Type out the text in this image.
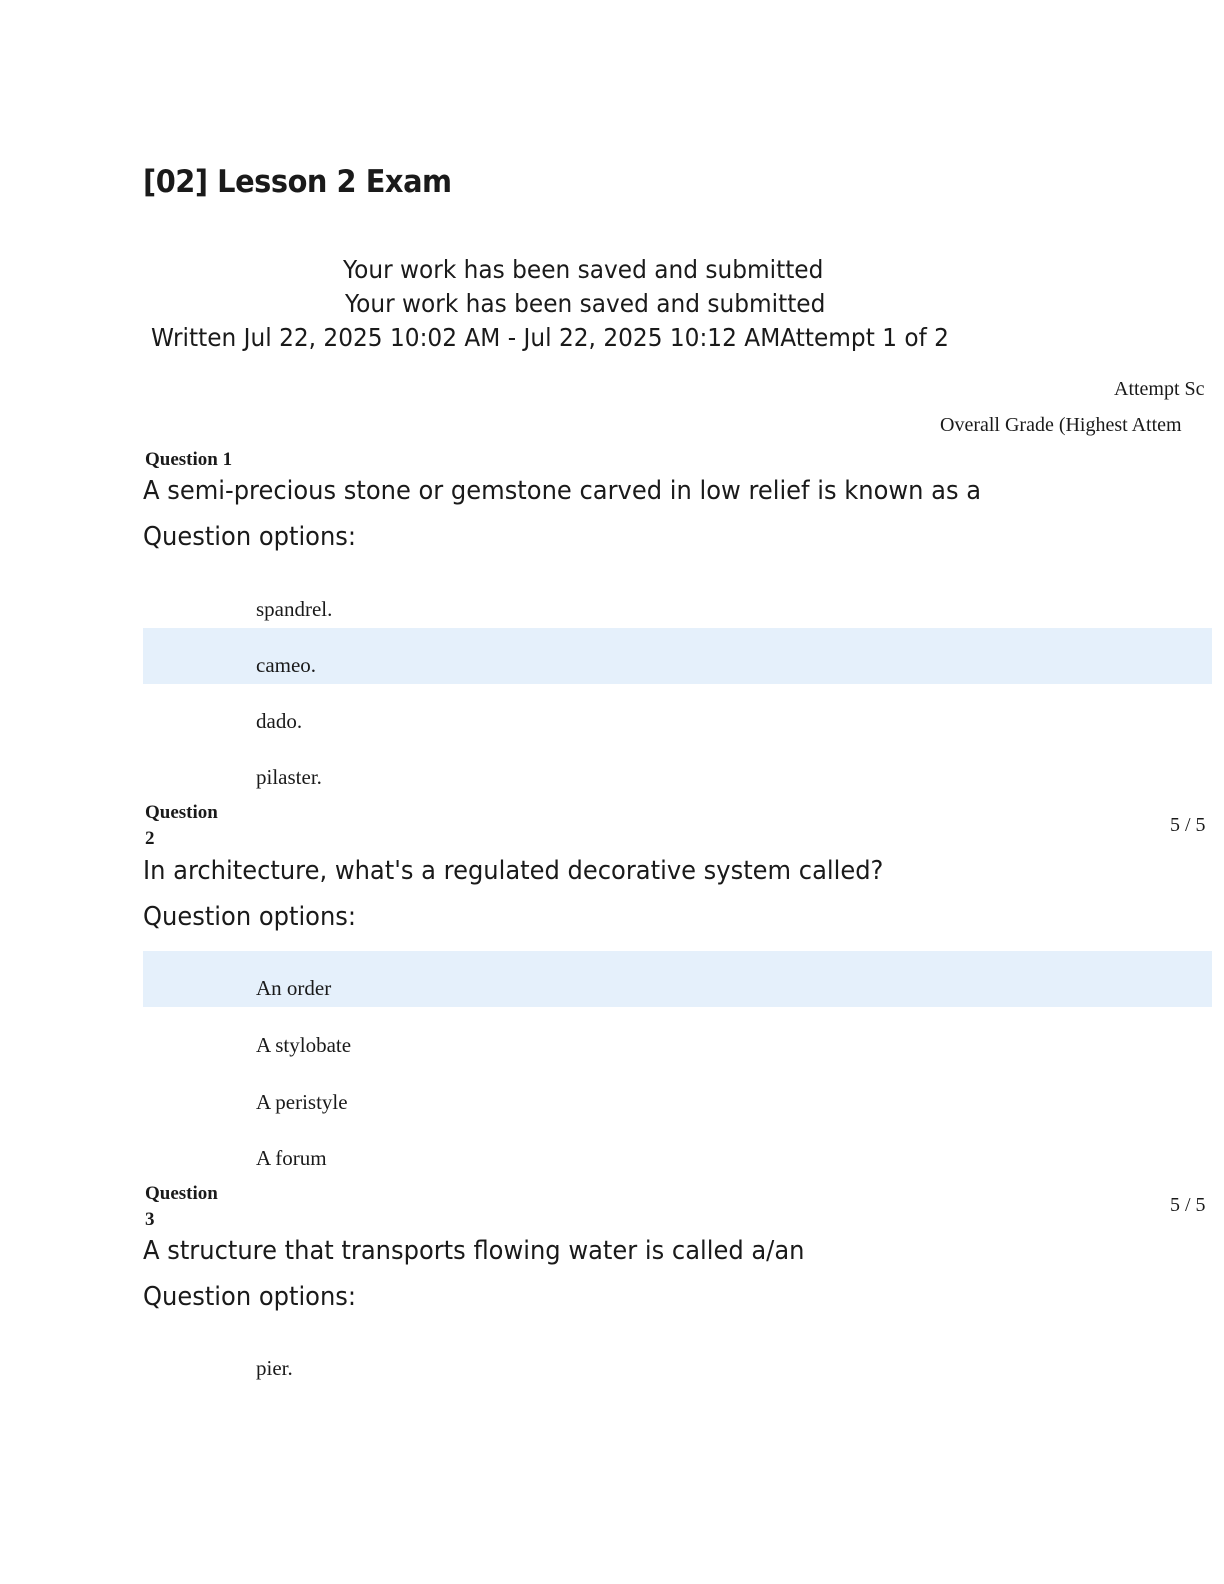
[02] Lesson 2 Exam
Your work has been saved and submitted
Your work has been saved and submitted
Written Jul 22, 2025 10:02 AM - Jul 22, 2025 10:12 AMAttempt 1 of 2
Attempt Sc
Overall Grade (Highest Attem
Question 1
A semi-precious stone or gemstone carved in low relief is known as a
Question options:
spandrel.
cameo.
dado.
pilaster.
Question
2
5 / 5
In architecture, what's a regulated decorative system called?
Question options:
An order
A stylobate
A peristyle
A forum
Question
3
5 / 5
A structure that transports flowing water is called a/an
Question options:
pier.
